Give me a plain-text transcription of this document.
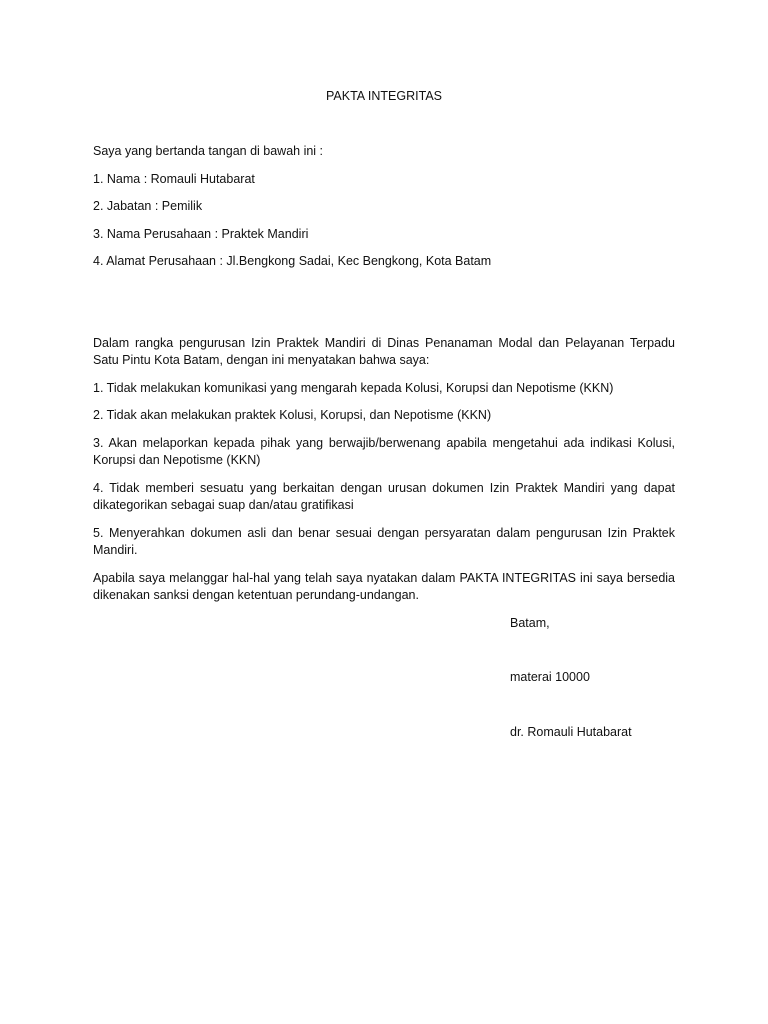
PAKTA INTEGRITAS
Saya yang bertanda tangan di bawah ini :
1. Nama : Romauli Hutabarat
2. Jabatan : Pemilik
3. Nama Perusahaan : Praktek Mandiri
4. Alamat Perusahaan : Jl.Bengkong Sadai, Kec Bengkong, Kota Batam
Dalam rangka pengurusan Izin Praktek Mandiri di Dinas Penanaman Modal dan Pelayanan Terpadu Satu Pintu Kota Batam, dengan ini menyatakan bahwa saya:
1. Tidak melakukan komunikasi yang mengarah kepada Kolusi, Korupsi dan Nepotisme (KKN)
2. Tidak akan melakukan praktek Kolusi, Korupsi, dan Nepotisme (KKN)
3. Akan melaporkan kepada pihak yang berwajib/berwenang apabila mengetahui ada indikasi Kolusi, Korupsi dan Nepotisme (KKN)
4. Tidak memberi sesuatu yang berkaitan dengan urusan dokumen Izin Praktek Mandiri yang dapat dikategorikan sebagai suap dan/atau gratifikasi
5. Menyerahkan dokumen asli dan benar sesuai dengan persyaratan dalam pengurusan Izin Praktek Mandiri.
Apabila saya melanggar hal-hal yang telah saya nyatakan dalam PAKTA INTEGRITAS ini saya bersedia dikenakan sanksi dengan ketentuan perundang-undangan.
Batam,
materai 10000
dr. Romauli Hutabarat
